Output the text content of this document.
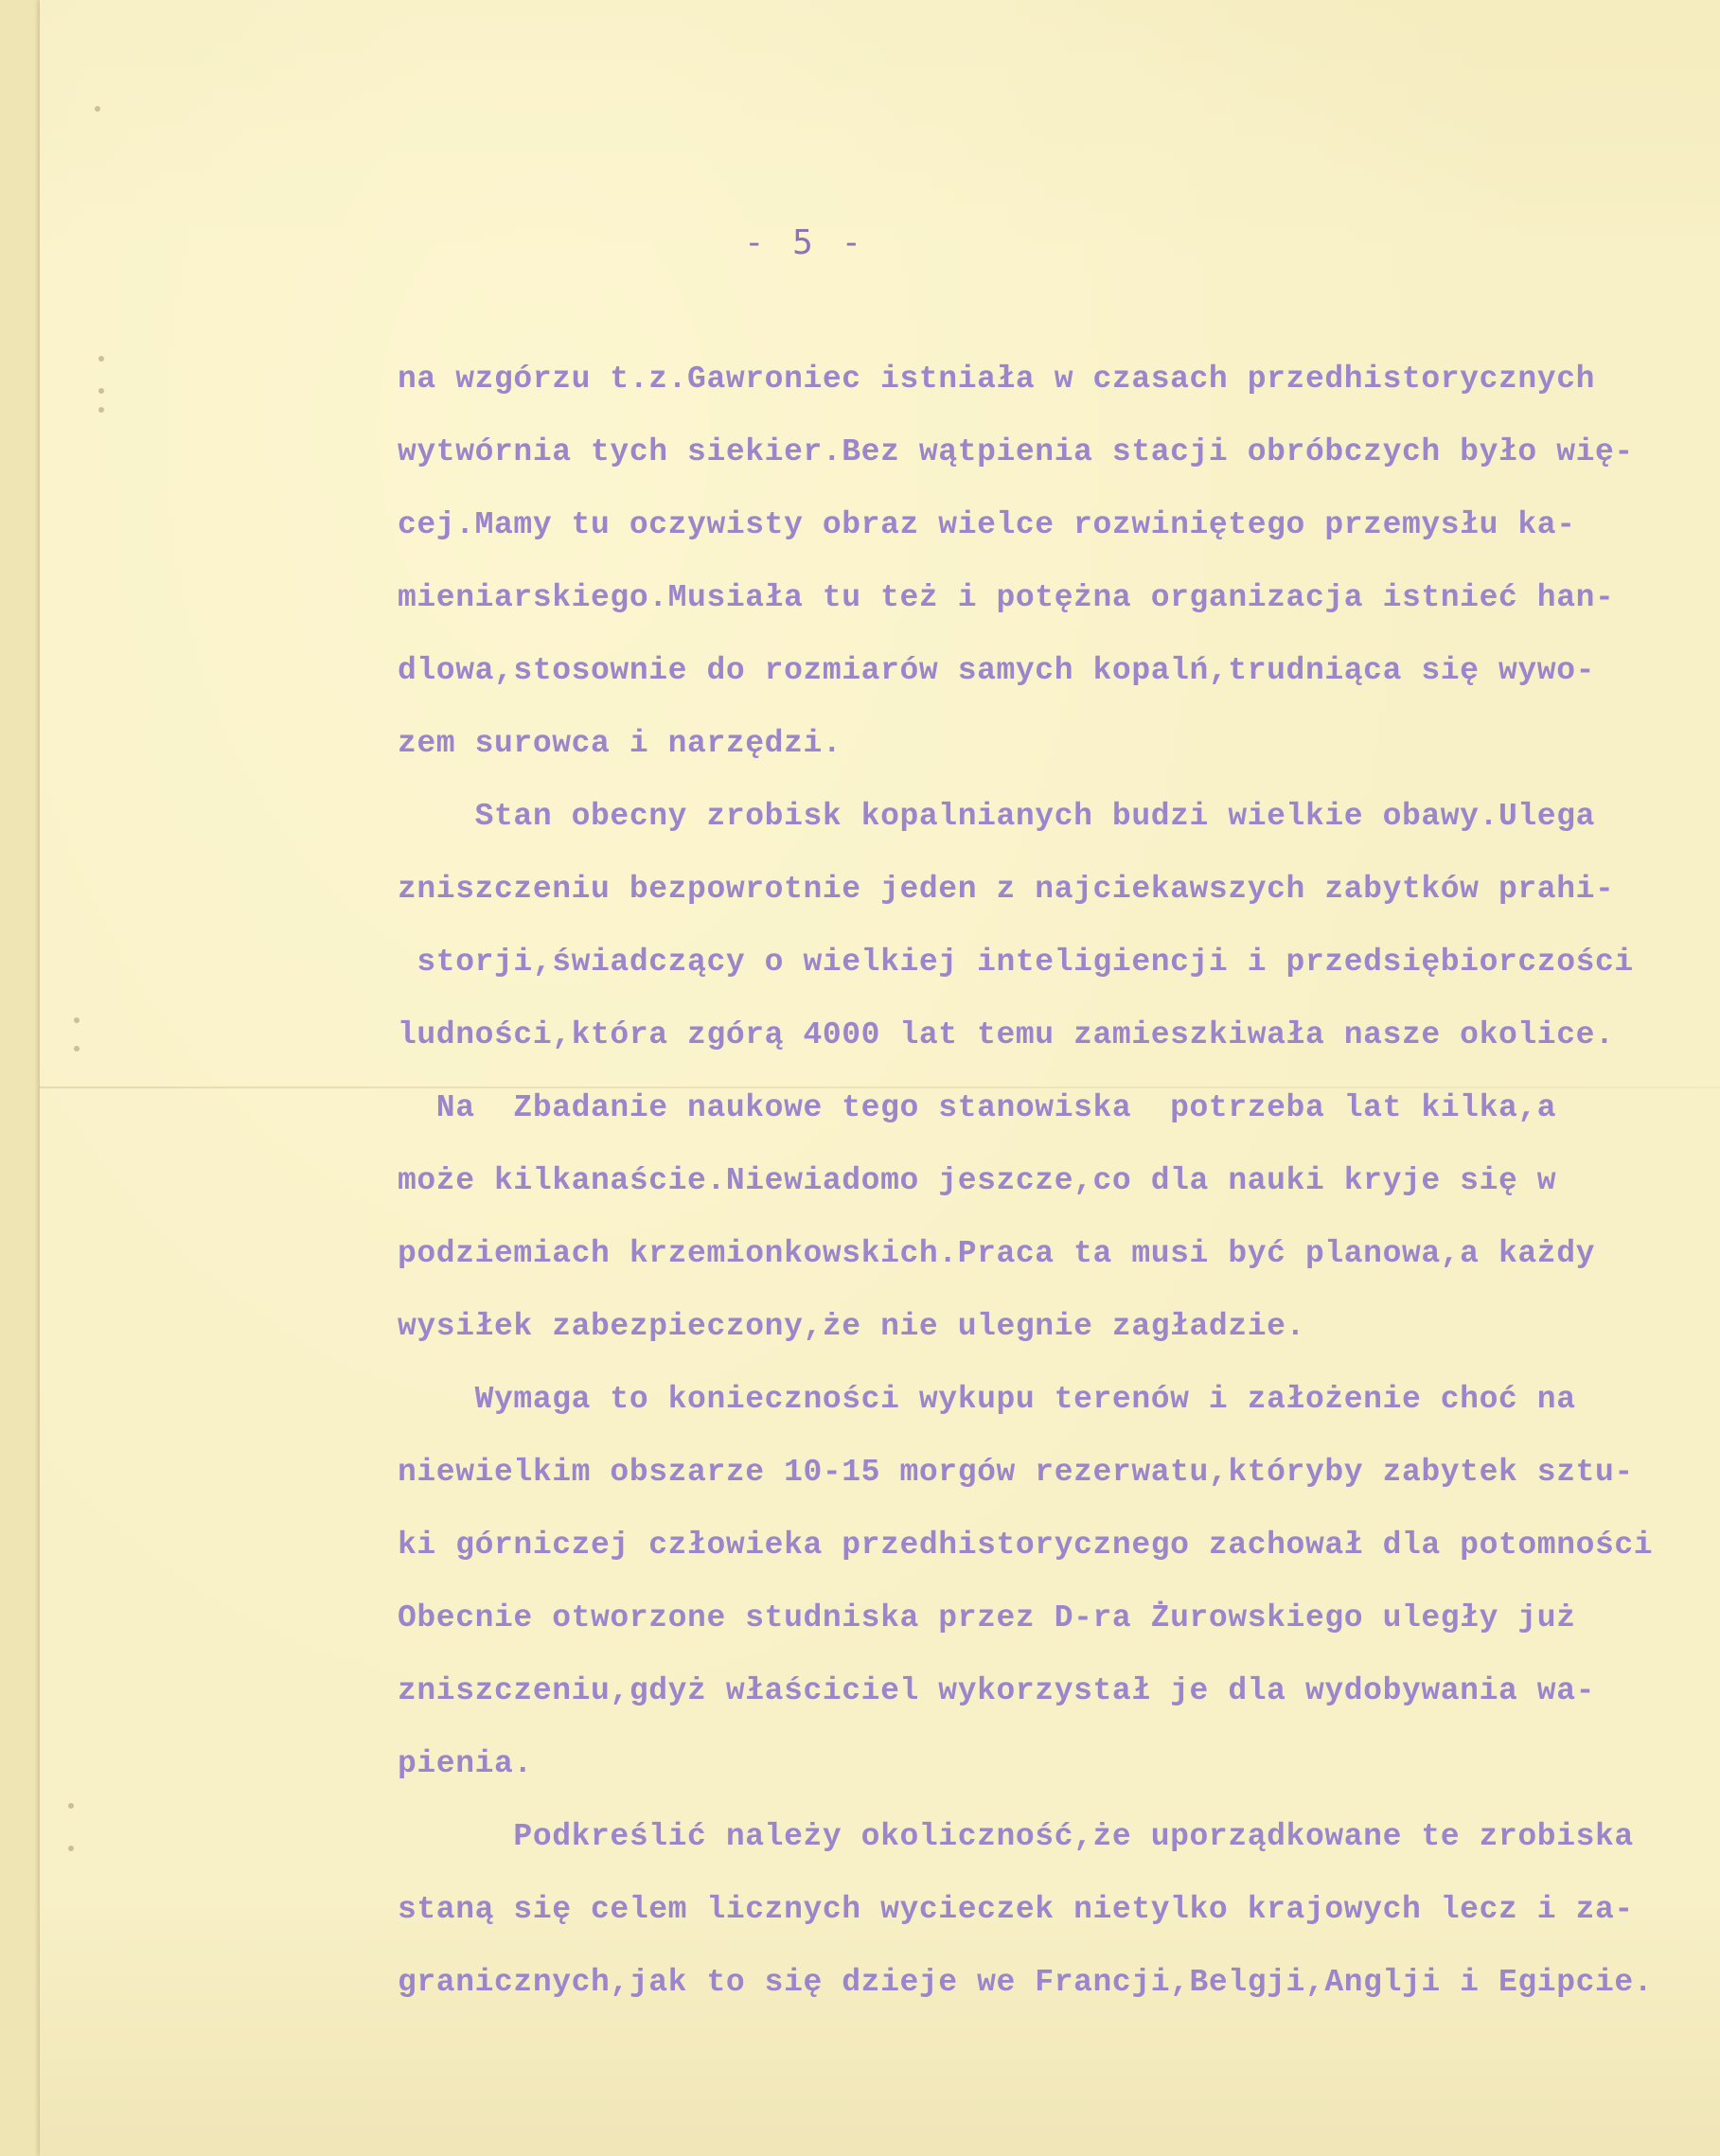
- 5 -
na wzgórzu t.z.Gawroniec istniała w czasach przedhistorycznych
wytwórnia tych siekier.Bez wątpienia stacji obróbczych było wię-
cej.Mamy tu oczywisty obraz wielce rozwiniętego przemysłu ka-
mieniarskiego.Musiała tu też i potężna organizacja istnieć han-
dlowa,stosownie do rozmiarów samych kopalń,trudniąca się wywo-
zem surowca i narzędzi.
Stan obecny zrobisk kopalnianych budzi wielkie obawy.Ulega
zniszczeniu bezpowrotnie jeden z najciekawszych zabytków prahi-
storji,świadczący o wielkiej inteligiencji i przedsiębiorczości
ludności,która zgórą 4000 lat temu zamieszkiwała nasze okolice.
Na  Zbadanie naukowe tego stanowiska  potrzeba lat kilka,a
może kilkanaście.Niewiadomo jeszcze,co dla nauki kryje się w
podziemiach krzemionkowskich.Praca ta musi być planowa,a każdy
wysiłek zabezpieczony,że nie ulegnie zagładzie.
Wymaga to konieczności wykupu terenów i założenie choć na
niewielkim obszarze 10-15 morgów rezerwatu,któryby zabytek sztu-
ki górniczej człowieka przedhistorycznego zachował dla potomności
Obecnie otworzone studniska przez D-ra Żurowskiego uległy już
zniszczeniu,gdyż właściciel wykorzystał je dla wydobywania wa-
pienia.
Podkreślić należy okoliczność,że uporządkowane te zrobiska
staną się celem licznych wycieczek nietylko krajowych lecz i za-
granicznych,jak to się dzieje we Francji,Belgji,Anglji i Egipcie.
